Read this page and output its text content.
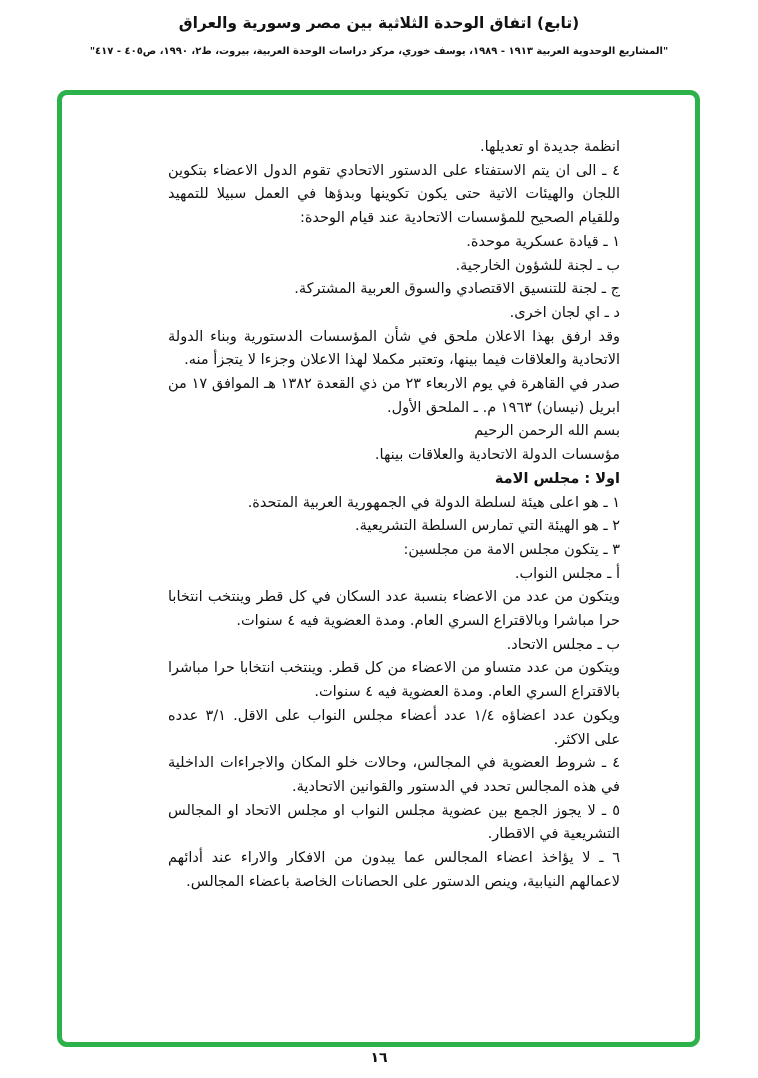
(تابع) اتفاق الوحدة الثلاثية بين مصر وسورية والعراق
"المشاريع الوحدوية العربية ١٩١٣ - ١٩٨٩، يوسف خوري، مركز دراسات الوحدة العربية، بيروت، ط٢، ١٩٩٠، ص٤٠٥ - ٤١٧"

انظمة جديدة او تعديلها.

٤ ـ الى ان يتم الاستفتاء على الدستور الاتحادي تقوم الدول الاعضاء بتكوين اللجان والهيئات الاتية حتى يكون تكوينها وبدؤها في العمل سبيلا للتمهيد وللقيام الصحيح للمؤسسات الاتحادية عند قيام الوحدة:

١ ـ قيادة عسكرية موحدة.

ب ـ لجنة للشؤون الخارجية.

ج ـ لجنة للتنسيق الاقتصادي والسوق العربية المشتركة.

د ـ اي لجان اخرى.

وقد ارفق بهذا الاعلان ملحق في شأن المؤسسات الدستورية وبناء الدولة الاتحادية والعلاقات فيما بينها، وتعتبر مكملا لهذا الاعلان وجزءا لا يتجزأ منه.

صدر في القاهرة في يوم الاربعاء ٢٣ من ذي القعدة ١٣٨٢ هـ الموافق ١٧ من ابريل (نيسان) ١٩٦٣ م. ـ الملحق الأول.

بسم الله الرحمن الرحيم

مؤسسات الدولة الاتحادية والعلاقات بينها.

اولا : مجلس الامة

١ ـ هو اعلى هيئة لسلطة الدولة في الجمهورية العربية المتحدة.

٢ ـ هو الهيئة التي تمارس السلطة التشريعية.

٣ ـ يتكون مجلس الامة من مجلسين:

أ ـ مجلس النواب.

ويتكون من عدد من الاعضاء بنسبة عدد السكان في كل قطر وينتخب انتخابا حرا مباشرا وبالاقتراع السري العام. ومدة العضوية فيه ٤ سنوات.

ب ـ مجلس الاتحاد.

ويتكون من عدد متساو من الاعضاء من كل قطر. وينتخب انتخابا حرا مباشرا بالاقتراع السري العام. ومدة العضوية فيه ٤ سنوات.

ويكون عدد اعضاؤه ١/٤ عدد أعضاء مجلس النواب على الاقل. ٣/١ عدده على الاكثر.

٤ ـ شروط العضوية في المجالس، وحالات خلو المكان والاجراءات الداخلية في هذه المجالس تحدد في الدستور والقوانين الاتحادية.

٥ ـ لا يجوز الجمع بين عضوية مجلس النواب او مجلس الاتحاد او المجالس التشريعية في الاقطار.

٦ ـ لا يؤاخذ اعضاء المجالس عما يبدون من الافكار والاراء عند أدائهم لاعمالهم النيابية، وينص الدستور على الحصانات الخاصة باعضاء المجالس.

١٦
